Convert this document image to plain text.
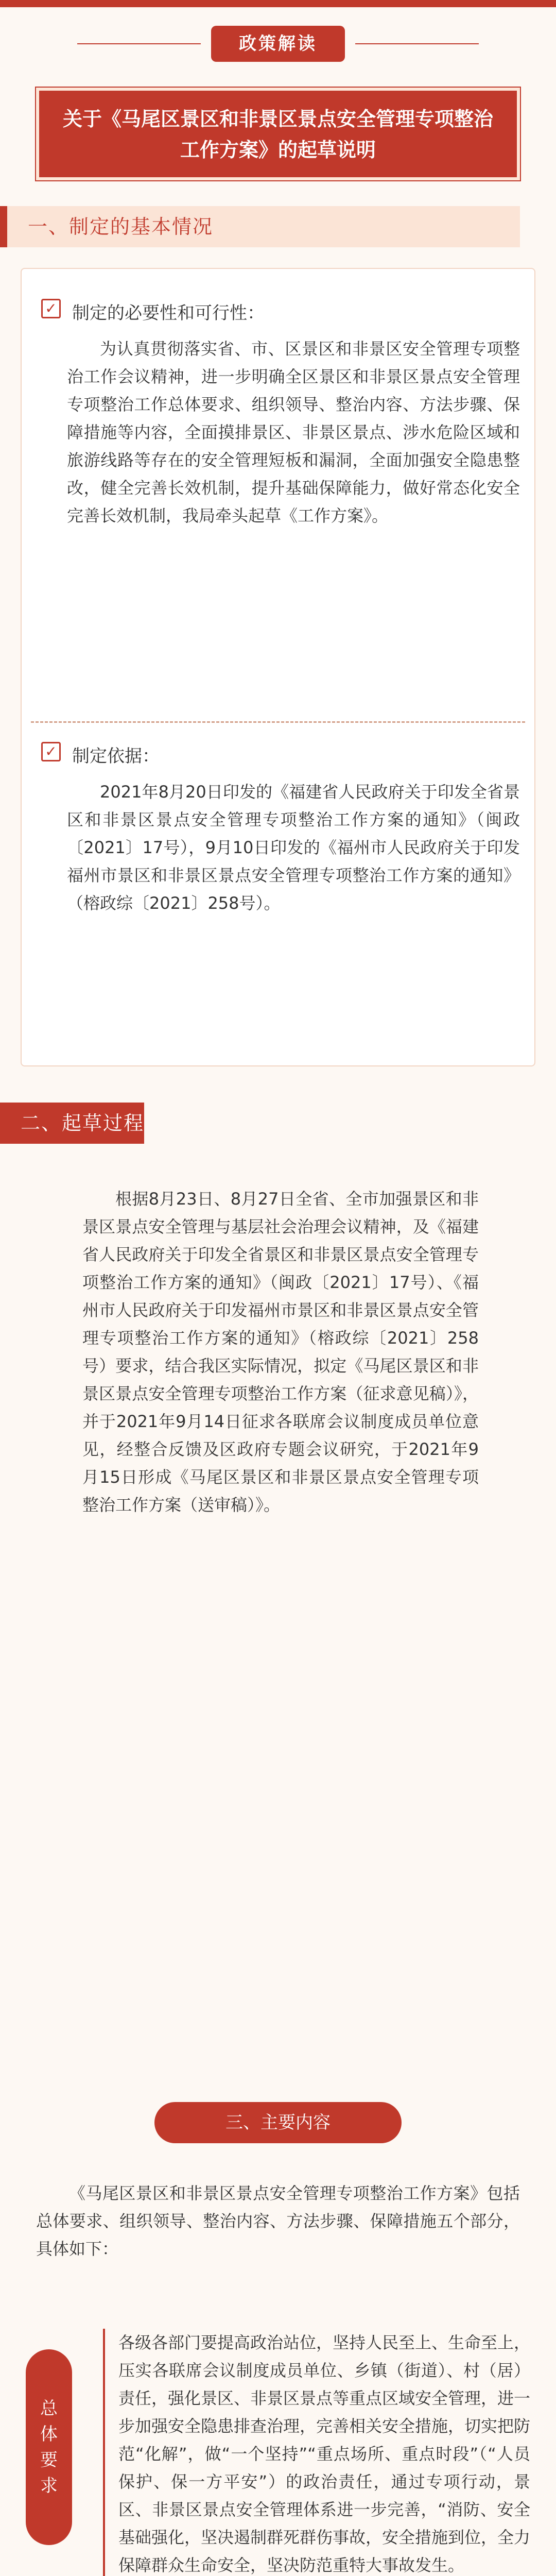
政策解读
关于《马尾区景区和非景区景点安全管理专项整治工作方案》的起草说明
一、制定的基本情况
✓ 制定的必要性和可行性：
为认真贯彻落实省、市、区景区和非景区安全管理专项整治工作会议精神，进一步明确全区景区和非景区景点安全管理专项整治工作总体要求、组织领导、整治内容、方法步骤、保障措施等内容，全面摸排景区、非景区景点、涉水危险区域和旅游线路等存在的安全管理短板和漏洞，全面加强安全隐患整改，健全完善长效机制，提升基础保障能力，做好常态化安全完善长效机制，我局牵头起草《工作方案》。
✓ 制定依据：
2021年8月20日印发的《福建省人民政府关于印发全省景区和非景区景点安全管理专项整治工作方案的通知》（闽政〔2021〕17号），9月10日印发的《福州市人民政府关于印发福州市景区和非景区景点安全管理专项整治工作方案的通知》（榕政综〔2021〕258号）。
二、起草过程
根据8月23日、8月27日全省、全市加强景区和非景区景点安全管理与基层社会治理会议精神，及《福建省人民政府关于印发全省景区和非景区景点安全管理专项整治工作方案的通知》（闽政〔2021〕17号）、《福州市人民政府关于印发福州市景区和非景区景点安全管理专项整治工作方案的通知》（榕政综〔2021〕258号）要求，结合我区实际情况，拟定《马尾区景区和非景区景点安全管理专项整治工作方案（征求意见稿）》，并于2021年9月14日征求各联席会议制度成员单位意见，经整合反馈及区政府专题会议研究，于2021年9月15日形成《马尾区景区和非景区景点安全管理专项整治工作方案（送审稿）》。
三、主要内容
《马尾区景区和非景区景点安全管理专项整治工作方案》包括总体要求、组织领导、整治内容、方法步骤、保障措施五个部分，具体如下：
总体要求
各级各部门要提高政治站位，坚持人民至上、生命至上，压实各联席会议制度成员单位、乡镇（街道）、村（居）责任，强化景区、非景区景点等重点区域安全管理，进一步加强安全隐患排查治理，完善相关安全措施，切实把防范“化解”，做“一个坚持”“重点场所、重点时段”（“人员保护、保一方平安”）的政治责任，通过专项行动，景区、非景区景点安全管理体系进一步完善，“消防、安全基础强化，坚决遏制群死群伤事故，安全措施到位，全力保障群众生命安全，坚决防范重特大事故发生。
